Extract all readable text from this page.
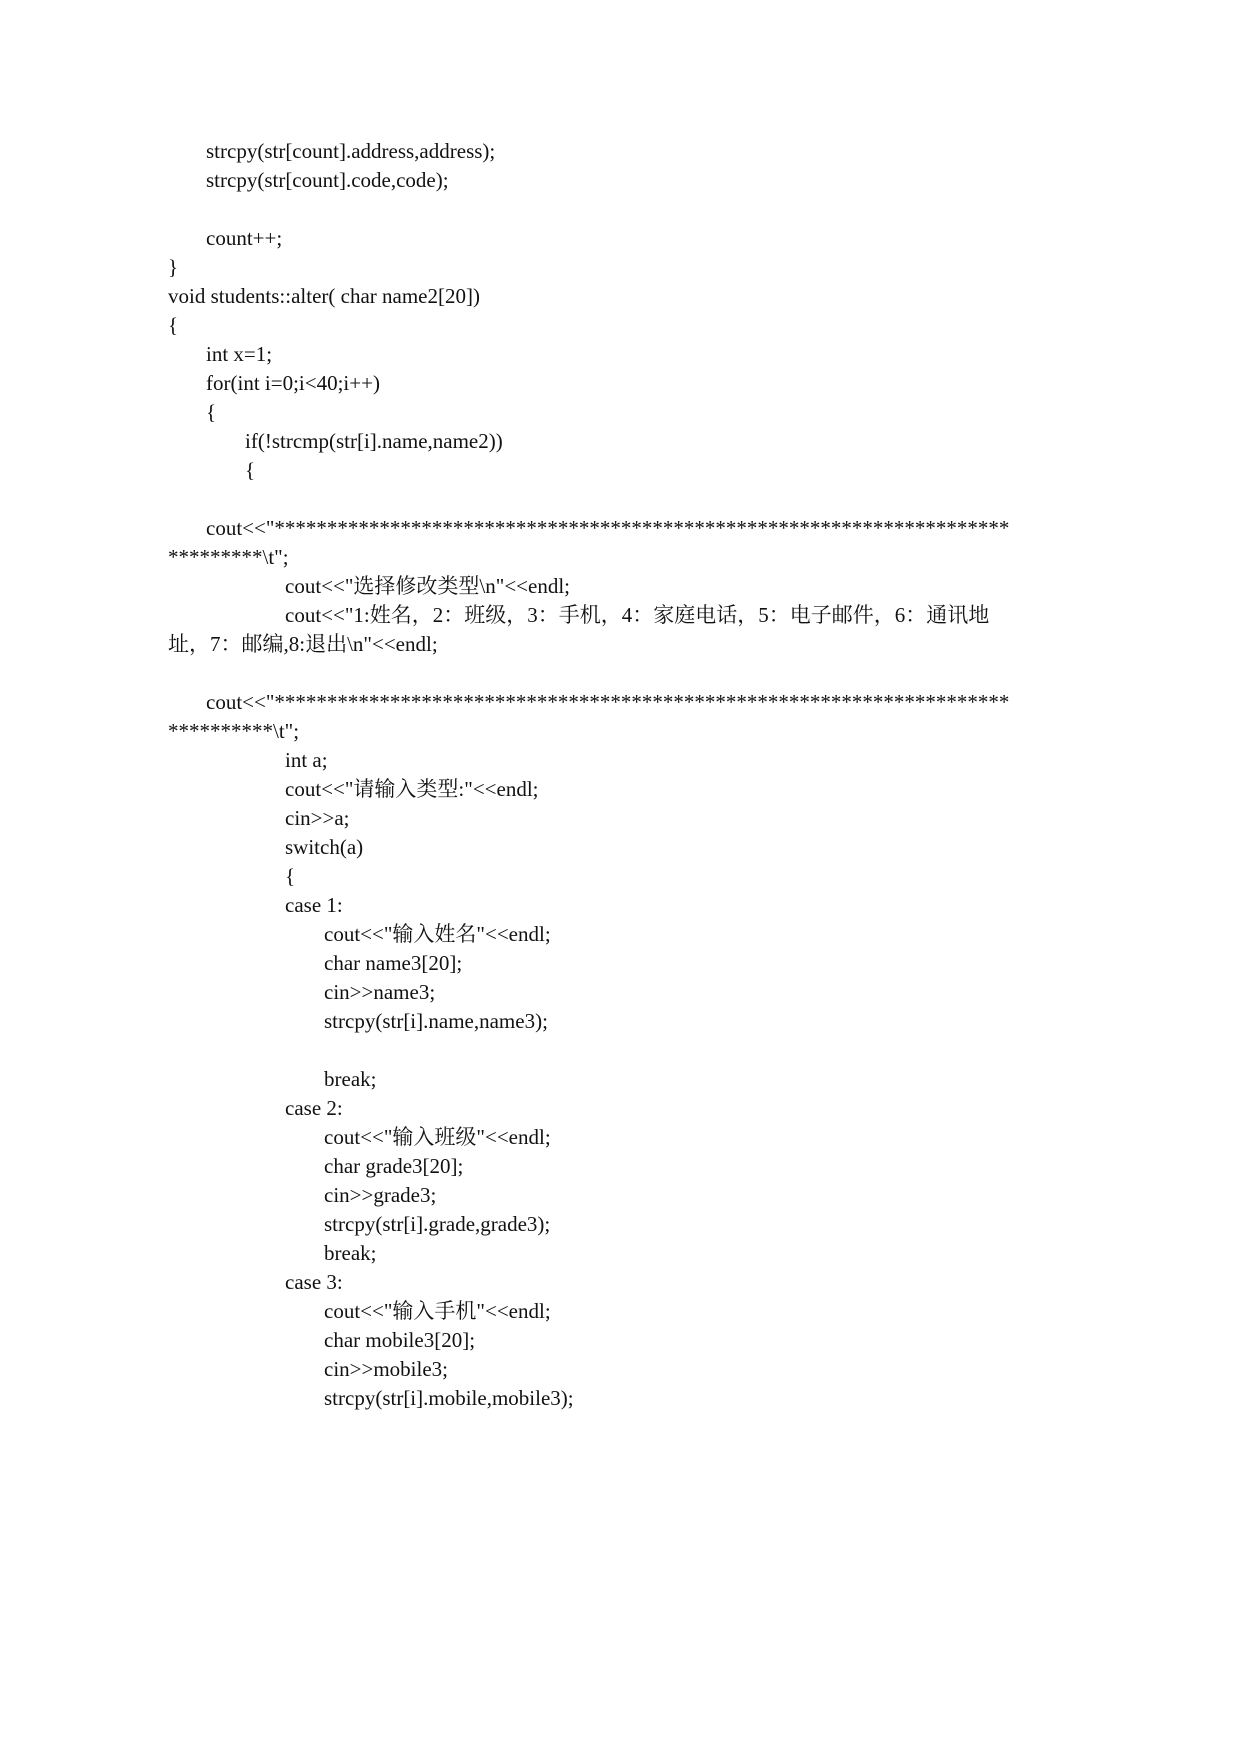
strcpy(str[count].address,address);
strcpy(str[count].code,code);
count++;
}
void students::alter( char name2[20])
{
int x=1;
for(int i=0;i<40;i++)
{
if(!strcmp(str[i].name,name2))
{
cout<<"**********************************************************************
*********\t";
cout<<"选择修改类型\n"<<endl;
cout<<"1:姓名，2：班级，3：手机，4：家庭电话，5：电子邮件，6：通讯地
址，7：邮编,8:退出\n"<<endl;
cout<<"**********************************************************************
**********\t";
int a;
cout<<"请输入类型:"<<endl;
cin>>a;
switch(a)
{
case 1:
cout<<"输入姓名"<<endl;
char name3[20];
cin>>name3;
strcpy(str[i].name,name3);
break;
case 2:
cout<<"输入班级"<<endl;
char grade3[20];
cin>>grade3;
strcpy(str[i].grade,grade3);
break;
case 3:
cout<<"输入手机"<<endl;
char mobile3[20];
cin>>mobile3;
strcpy(str[i].mobile,mobile3);
